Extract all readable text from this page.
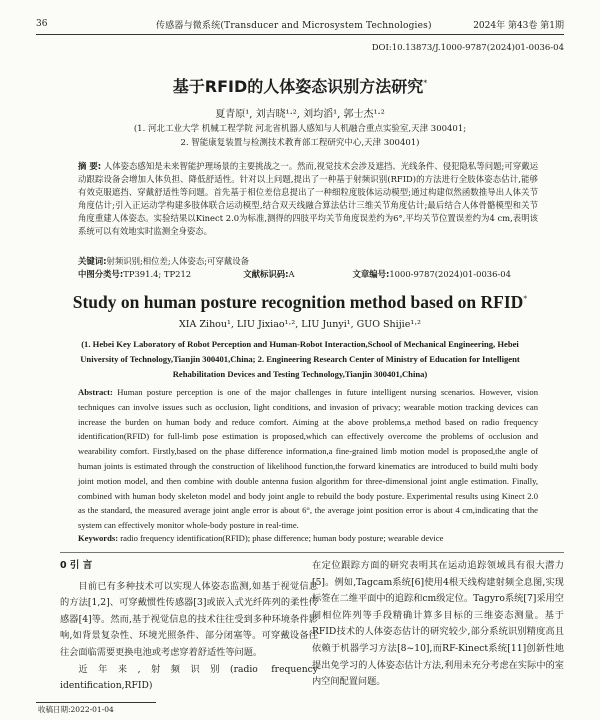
36	传感器与微系统(Transducer and Microsystem Technologies)	2024年 第43卷 第1期
DOI:10.13873/J.1000-9787(2024)01-0036-04
基于RFID的人体姿态识别方法研究*
夏青原¹, 刘吉晓¹·², 刘均滔¹, 郭士杰¹·²
(1. 河北工业大学 机械工程学院 河北省机器人感知与人机融合重点实验室,天津 300401;
2. 智能康复装置与检测技术教育部工程研究中心,天津 300401)
摘 要: 人体姿态感知是未来智能护理场景的主要挑战之一。然而,视觉技术会涉及遮挡、光线条件、侵犯隐私等问题;可穿戴运动跟踪设备会增加人体负担、降低舒适性。针对以上问题,提出了一种基于射频识别(RFID)的方法进行全肢体姿态估计,能够有效克服遮挡、穿戴舒适性等问题。首先基于相位差信息提出了一种细粒度肢体运动模型;通过构建似然函数推导出人体关节角度估计;引入正运动学构建多肢体联合运动模型,结合双天线融合算法估计三维关节角度估计;最后结合人体骨骼模型和关节角度重建人体姿态。实验结果以Kinect 2.0为标准,测得的四肢平均关节角度误差约为6°,平均关节位置误差约为4 cm,表明该系统可以有效地实时监测全身姿态。
关键词: 射频识别;相位差;人体姿态;可穿戴设备
中图分类号: TP391.4; TP212	文献标识码: A	文章编号: 1000-9787(2024)01-0036-04
Study on human posture recognition method based on RFID*
XIA Zihou¹, LIU Jixiao¹·², LIU Junyi¹, GUO Shijie¹·²
(1. Hebei Key Laboratory of Robot Perception and Human-Robot Interaction,School of Mechanical Engineering, Hebei University of Technology,Tianjin 300401,China; 2. Engineering Research Center of Ministry of Education for Intelligent Rehabilitation Devices and Testing Technology,Tianjin 300401,China)
Abstract: Human posture perception is one of the major challenges in future intelligent nursing scenarios. However, vision techniques can involve issues such as occlusion, light conditions, and invasion of privacy; wearable motion tracking devices can increase the burden on human body and reduce comfort. Aiming at the above problems,a method based on radio frequency identification(RFID) for full-limb pose estimation is proposed,which can effectively overcome the problems of occlusion and wearability comfort. Firstly,based on the phase difference information,a fine-grained limb motion model is proposed,the angle of human joints is estimated through the construction of likelihood function,the forward kinematics are introduced to build multi body joint motion model, and then combine with double antenna fusion algorithm for three-dimensional joint angle estimation. Finally, combined with human body skeleton model and body joint angle to rebuild the body posture. Experimental results using Kinect 2.0 as the standard, the measured average joint angle error is about 6°, the average joint position error is about 4 cm,indicating that the system can effectively monitor whole-body posture in real-time.
Keywords: radio frequency identification(RFID); phase difference; human body posture; wearable device
0 引 言

目前已有多种技术可以实现人体姿态监测,如基于视觉信息的方法[1,2]、可穿戴惯性传感器[3]或嵌入式光纤阵列的柔性传感器[4]等。然而,基于视觉信息的技术往往受到多种环境条件影响,如背景复杂性、环境光照条件、部分闭塞等。可穿戴设备往往会面临需要更换电池或考虑穿着舒适性等问题。

近年来,射频识别(radio frequency identification,RFID)

在定位跟踪方面的研究表明其在运动追踪领域具有很大潜力[5]。例如,Tagcam系统[6]使用4根天线构建射频全息图,实现标签在二维平面中的追踪和cm级定位。Tagyro系统[7]采用空间相位阵列等手段精确计算多目标的三维姿态测量。基于RFID技术的人体姿态估计的研究较少,部分系统识别精度高且依赖于机器学习方法[8~10],而RF-Kinect系统[11]创新性地提出免学习的人体姿态估计方法,利用未充分考虑在实际中的室内空间配置问题。

收稿日期:2022-01-04
